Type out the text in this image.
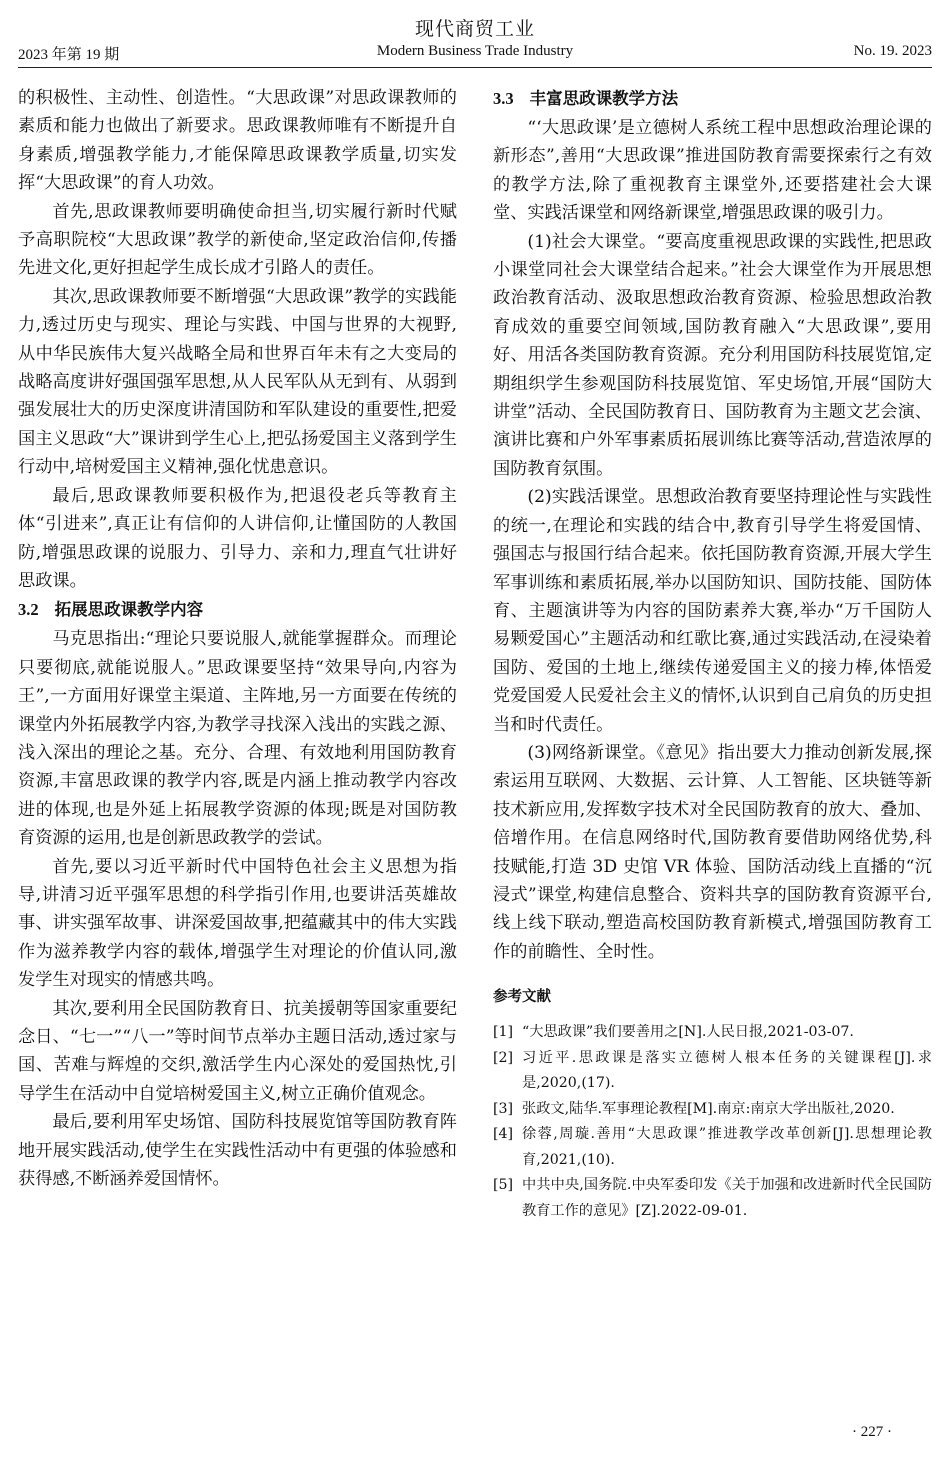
现代商贸工业
2023 年第 19 期	Modern Business Trade Industry	No. 19. 2023

的积极性、主动性、创造性。“大思政课”对思政课教师的素质和能力也做出了新要求。思政课教师唯有不断提升自身素质,增强教学能力,才能保障思政课教学质量,切实发挥“大思政课”的育人功效。

首先,思政课教师要明确使命担当,切实履行新时代赋予高职院校“大思政课”教学的新使命,坚定政治信仰,传播先进文化,更好担起学生成长成才引路人的责任。

其次,思政课教师要不断增强“大思政课”教学的实践能力,透过历史与现实、理论与实践、中国与世界的大视野,从中华民族伟大复兴战略全局和世界百年未有之大变局的战略高度讲好强国强军思想,从人民军队从无到有、从弱到强发展壮大的历史深度讲清国防和军队建设的重要性,把爱国主义思政“大”课讲到学生心上,把弘扬爱国主义落到学生行动中,培树爱国主义精神,强化忧患意识。

最后,思政课教师要积极作为,把退役老兵等教育主体“引进来”,真正让有信仰的人讲信仰,让懂国防的人教国防,增强思政课的说服力、引导力、亲和力,理直气壮讲好思政课。

3.2 拓展思政课教学内容

马克思指出:“理论只要说服人,就能掌握群众。而理论只要彻底,就能说服人。”思政课要坚持“效果导向,内容为王”,一方面用好课堂主渠道、主阵地,另一方面要在传统的课堂内外拓展教学内容,为教学寻找深入浅出的实践之源、浅入深出的理论之基。充分、合理、有效地利用国防教育资源,丰富思政课的教学内容,既是内涵上推动教学内容改进的体现,也是外延上拓展教学资源的体现;既是对国防教育资源的运用,也是创新思政教学的尝试。

首先,要以习近平新时代中国特色社会主义思想为指导,讲清习近平强军思想的科学指引作用,也要讲活英雄故事、讲实强军故事、讲深爱国故事,把蕴藏其中的伟大实践作为滋养教学内容的载体,增强学生对理论的价值认同,激发学生对现实的情感共鸣。

其次,要利用全民国防教育日、抗美援朝等国家重要纪念日、“七一”“八一”等时间节点举办主题日活动,透过家与国、苦难与辉煌的交织,激活学生内心深处的爱国热忱,引导学生在活动中自觉培树爱国主义,树立正确价值观念。

最后,要利用军史场馆、国防科技展览馆等国防教育阵地开展实践活动,使学生在实践性活动中有更强的体验感和获得感,不断涵养爱国情怀。

3.3 丰富思政课教学方法

“‘大思政课’是立德树人系统工程中思想政治理论课的新形态”,善用“大思政课”推进国防教育需要探索行之有效的教学方法,除了重视教育主课堂外,还要搭建社会大课堂、实践活课堂和网络新课堂,增强思政课的吸引力。

(1)社会大课堂。“要高度重视思政课的实践性,把思政小课堂同社会大课堂结合起来。”社会大课堂作为开展思想政治教育活动、汲取思想政治教育资源、检验思想政治教育成效的重要空间领域,国防教育融入“大思政课”,要用好、用活各类国防教育资源。充分利用国防科技展览馆,定期组织学生参观国防科技展览馆、军史场馆,开展“国防大讲堂”活动、全民国防教育日、国防教育为主题文艺会演、演讲比赛和户外军事素质拓展训练比赛等活动,营造浓厚的国防教育氛围。

(2)实践活课堂。思想政治教育要坚持理论性与实践性的统一,在理论和实践的结合中,教育引导学生将爱国情、强国志与报国行结合起来。依托国防教育资源,开展大学生军事训练和素质拓展,举办以国防知识、国防技能、国防体育、主题演讲等为内容的国防素养大赛,举办“万千国防人 易颗爱国心”主题活动和红歌比赛,通过实践活动,在浸染着国防、爱国的土地上,继续传递爱国主义的接力棒,体悟爱党爱国爱人民爱社会主义的情怀,认识到自己肩负的历史担当和时代责任。

(3)网络新课堂。《意见》指出要大力推动创新发展,探索运用互联网、大数据、云计算、人工智能、区块链等新技术新应用,发挥数字技术对全民国防教育的放大、叠加、倍增作用。在信息网络时代,国防教育要借助网络优势,科技赋能,打造 3D 史馆 VR 体验、国防活动线上直播的“沉浸式”课堂,构建信息整合、资料共享的国防教育资源平台,线上线下联动,塑造高校国防教育新模式,增强国防教育工作的前瞻性、全时性。

参考文献
[1] “大思政课”我们要善用之[N].人民日报,2021-03-07.
[2] 习近平.思政课是落实立德树人根本任务的关键课程[J].求是,2020,(17).
[3] 张政文,陆华.军事理论教程[M].南京:南京大学出版社,2020.
[4] 徐蓉,周璇.善用“大思政课”推进教学改革创新[J].思想理论教育,2021,(10).
[5] 中共中央,国务院.中央军委印发《关于加强和改进新时代全民国防教育工作的意见》[Z].2022-09-01.
· 227 ·
